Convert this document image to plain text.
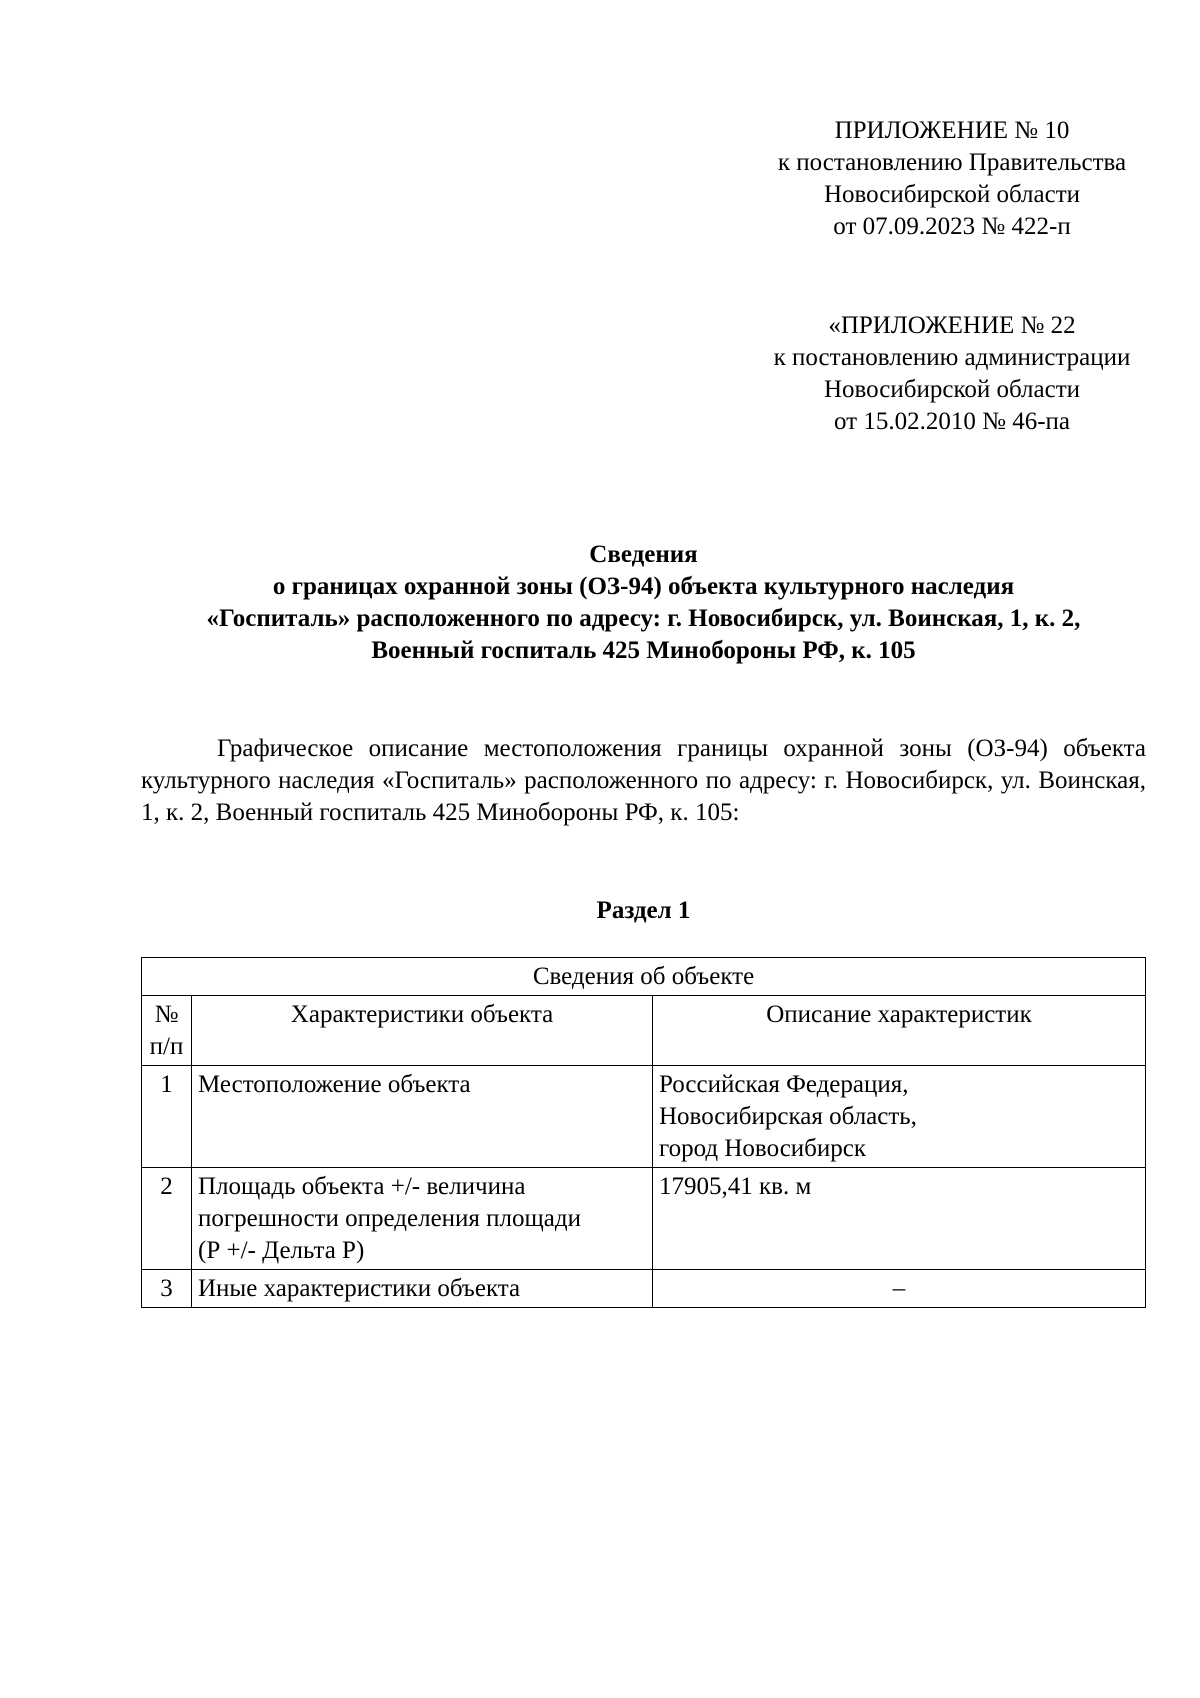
ПРИЛОЖЕНИЕ № 10
к постановлению Правительства
Новосибирской области
от 07.09.2023 № 422-п
«ПРИЛОЖЕНИЕ № 22
к постановлению администрации
Новосибирской области
от 15.02.2010 № 46-па
Сведения
о границах охранной зоны (ОЗ-94) объекта культурного наследия
«Госпиталь» расположенного по адресу: г. Новосибирск, ул. Воинская, 1, к. 2,
Военный госпиталь 425 Минобороны РФ, к. 105

Графическое описание местоположения границы охранной зоны (ОЗ-94) объекта культурного наследия «Госпиталь» расположенного по адресу: г. Новосибирск, ул. Воинская, 1, к. 2, Военный госпиталь 425 Минобороны РФ, к. 105:

Раздел 1
Сведения об объекте		

№
п/п	Характеристики объекта	Описание характеристик
1	Местоположение объекта	Российская Федерация,
Новосибирская область,
город Новосибирск

2	Площадь объекта +/- величина
погрешности определения площади
(Р +/- Дельта Р)	17905,41 кв. м

3	Иные характеристики объекта	–
